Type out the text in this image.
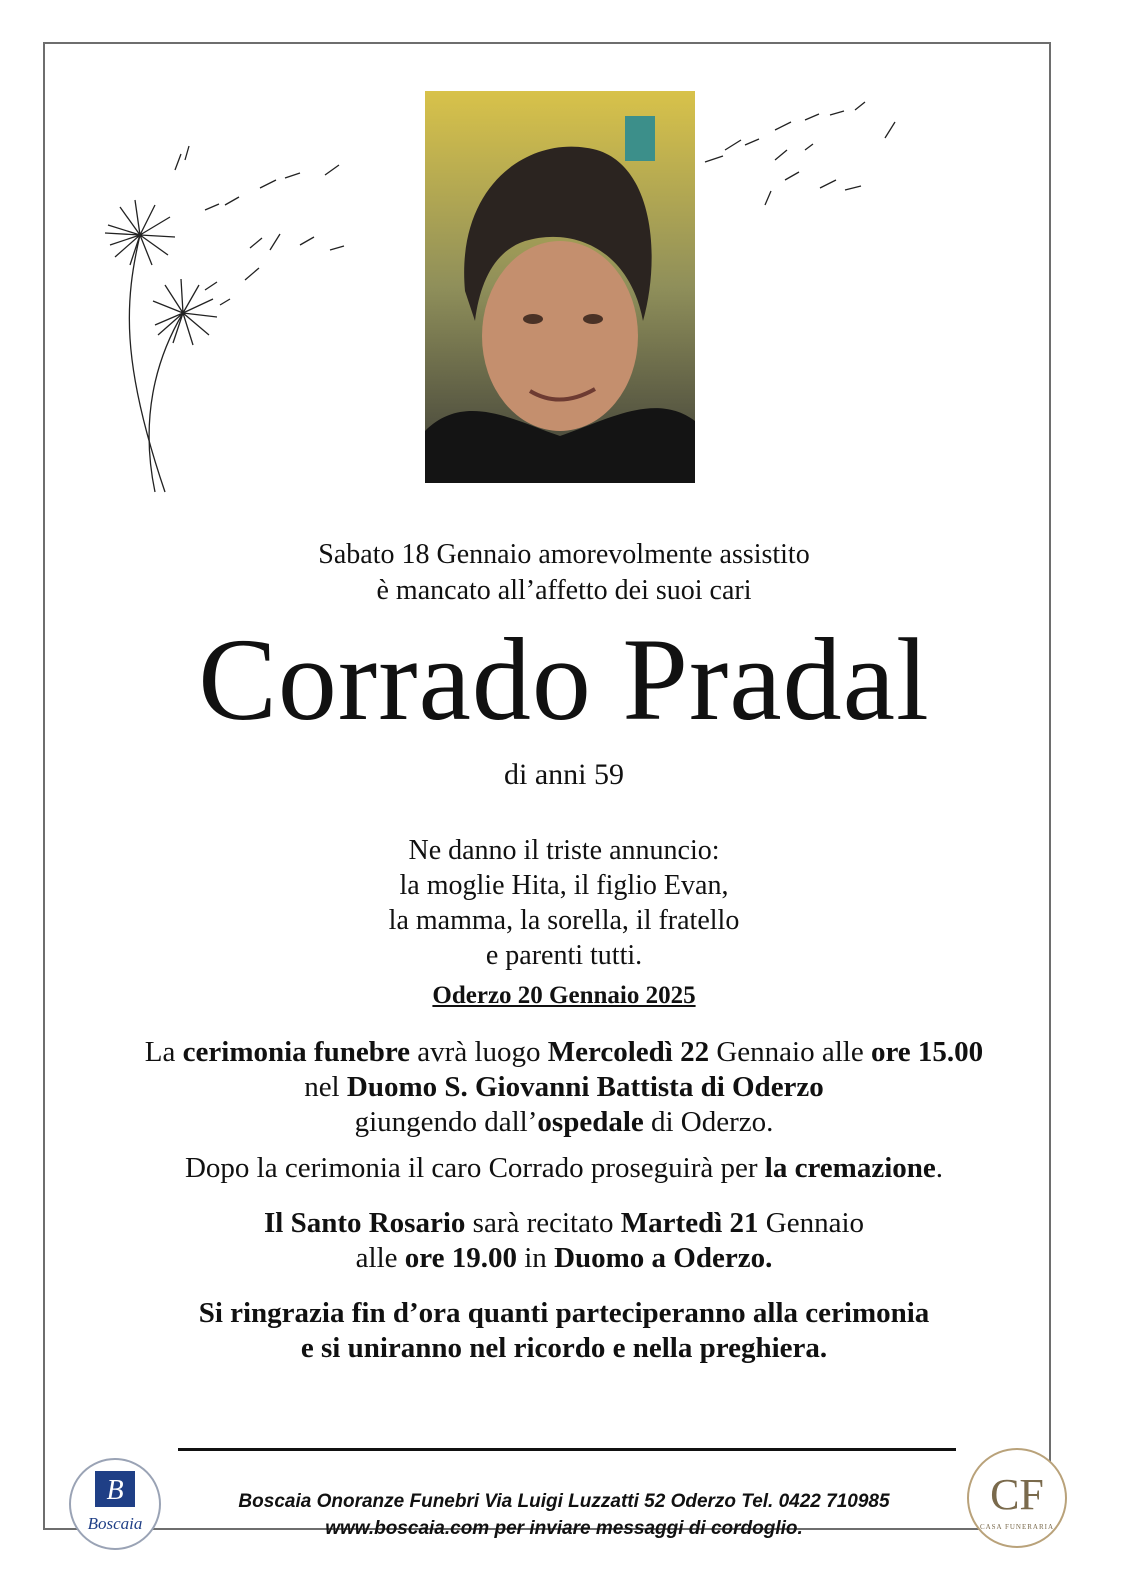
Sabato 18 Gennaio amorevolmente assistito
è mancato all’affetto dei suoi cari
Corrado Pradal
di anni 59
Ne danno il triste annuncio:
la moglie Hita, il figlio Evan,
la mamma, la sorella, il fratello
e parenti tutti.
Oderzo 20 Gennaio 2025
La cerimonia funebre avrà luogo Mercoledì 22 Gennaio alle ore 15.00
nel Duomo S. Giovanni Battista di Oderzo
giungendo dall’ospedale di Oderzo.
Dopo la cerimonia il caro Corrado proseguirà per la cremazione.
Il Santo Rosario sarà recitato Martedì 21 Gennaio
alle ore 19.00 in Duomo a Oderzo.
Si ringrazia fin d’ora quanti parteciperanno alla cerimonia
e si uniranno nel ricordo e nella preghiera.
B
Boscaia
CF
CASA FUNERARIA
Boscaia Onoranze Funebri Via Luigi Luzzatti 52 Oderzo Tel. 0422 710985
www.boscaia.com per inviare messaggi di cordoglio.
